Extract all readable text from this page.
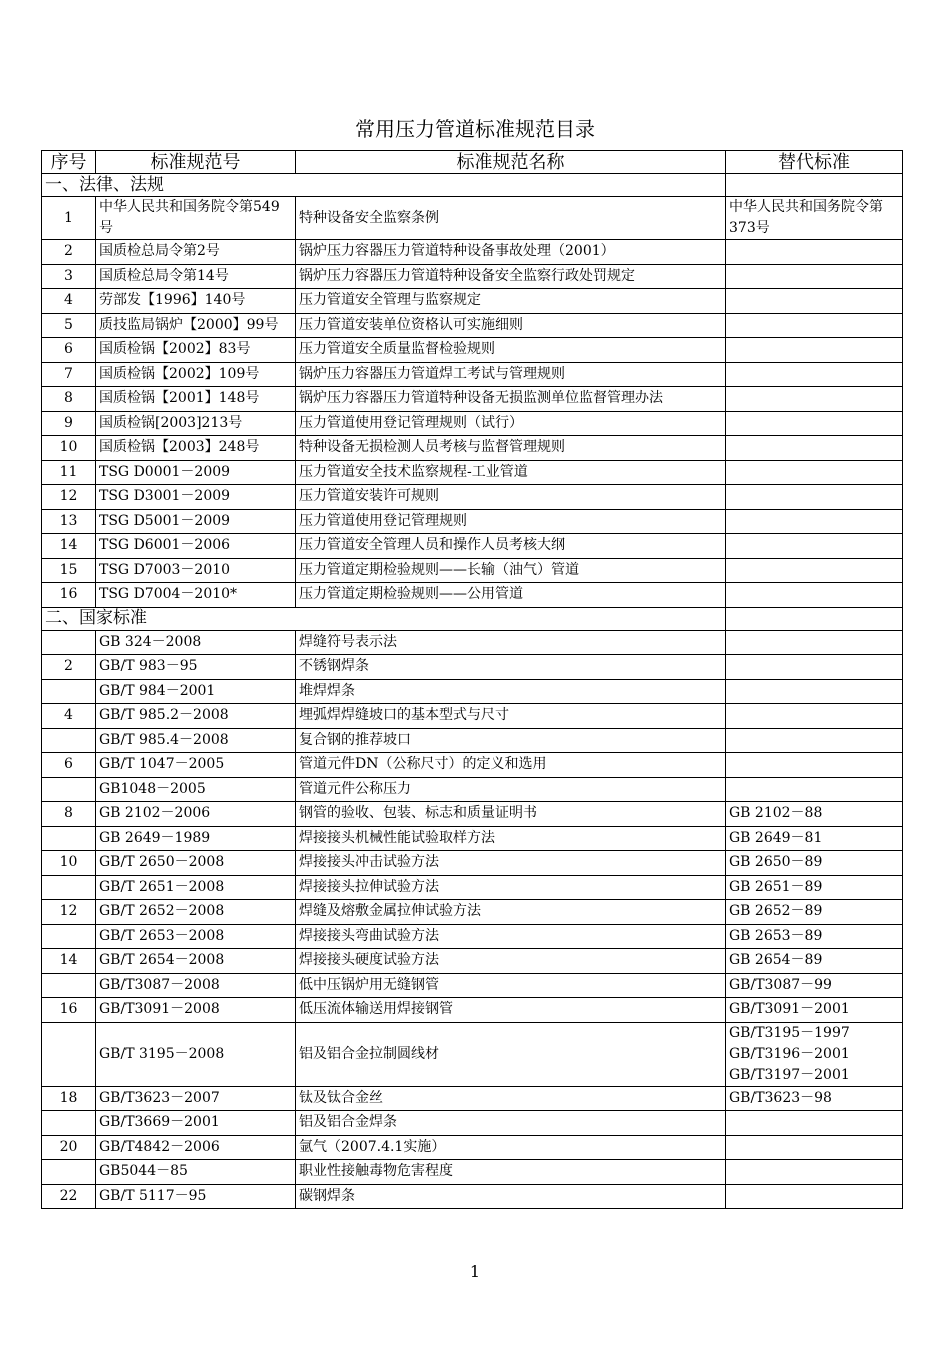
常用压力管道标准规范目录
序号	标准规范号	标准规范名称	替代标准
一、法律、法规			
1	中华人民共和国务院令第549号	特种设备安全监察条例	中华人民共和国务院令第373号
2	国质检总局令第2号	锅炉压力容器压力管道特种设备事故处理（2001）	
3	国质检总局令第14号	锅炉压力容器压力管道特种设备安全监察行政处罚规定	
4	劳部发【1996】140号	压力管道安全管理与监察规定	
5	质技监局锅炉【2000】99号	压力管道安装单位资格认可实施细则	
6	国质检锅【2002】83号	压力管道安全质量监督检验规则	
7	国质检锅【2002】109号	锅炉压力容器压力管道焊工考试与管理规则	
8	国质检锅【2001】148号	锅炉压力容器压力管道特种设备无损监测单位监督管理办法	
9	国质检锅[2003]213号	压力管道使用登记管理规则（试行）	
10	国质检锅【2003】248号	特种设备无损检测人员考核与监督管理规则	
11	TSG D0001－2009	压力管道安全技术监察规程-工业管道	
12	TSG D3001－2009	压力管道安装许可规则	
13	TSG D5001－2009	压力管道使用登记管理规则	
14	TSG D6001－2006	压力管道安全管理人员和操作人员考核大纲	
15	TSG D7003－2010	压力管道定期检验规则——长输（油气）管道	
16	TSG D7004－2010*	压力管道定期检验规则——公用管道	
二、国家标准			
	GB 324－2008	焊缝符号表示法	
2	GB/T 983－95	不锈钢焊条	
	GB/T 984－2001	堆焊焊条	
4	GB/T 985.2－2008	埋弧焊焊缝坡口的基本型式与尺寸	
	GB/T 985.4－2008	复合钢的推荐坡口	
6	GB/T 1047－2005	管道元件DN（公称尺寸）的定义和选用	
	GB1048－2005	管道元件公称压力	
8	GB 2102－2006	钢管的验收、包装、标志和质量证明书	GB 2102－88
	GB 2649－1989	焊接接头机械性能试验取样方法	GB 2649－81
10	GB/T 2650－2008	焊接接头冲击试验方法	GB 2650－89
	GB/T 2651－2008	焊接接头拉伸试验方法	GB 2651－89
12	GB/T 2652－2008	焊缝及熔敷金属拉伸试验方法	GB 2652－89
	GB/T 2653－2008	焊接接头弯曲试验方法	GB 2653－89
14	GB/T 2654－2008	焊接接头硬度试验方法	GB 2654－89
	GB/T3087－2008	低中压锅炉用无缝钢管	GB/T3087－99
16	GB/T3091－2008	低压流体输送用焊接钢管	GB/T3091－2001
	GB/T 3195－2008	铝及铝合金拉制圆线材	GB/T3195－1997
GB/T3196－2001
GB/T3197－2001

18	GB/T3623－2007	钛及钛合金丝	GB/T3623－98
	GB/T3669－2001	铝及铝合金焊条	
20	GB/T4842－2006	氩气（2007.4.1实施）	
	GB5044－85	职业性接触毒物危害程度	
22	GB/T 5117－95	碳钢焊条	
1
